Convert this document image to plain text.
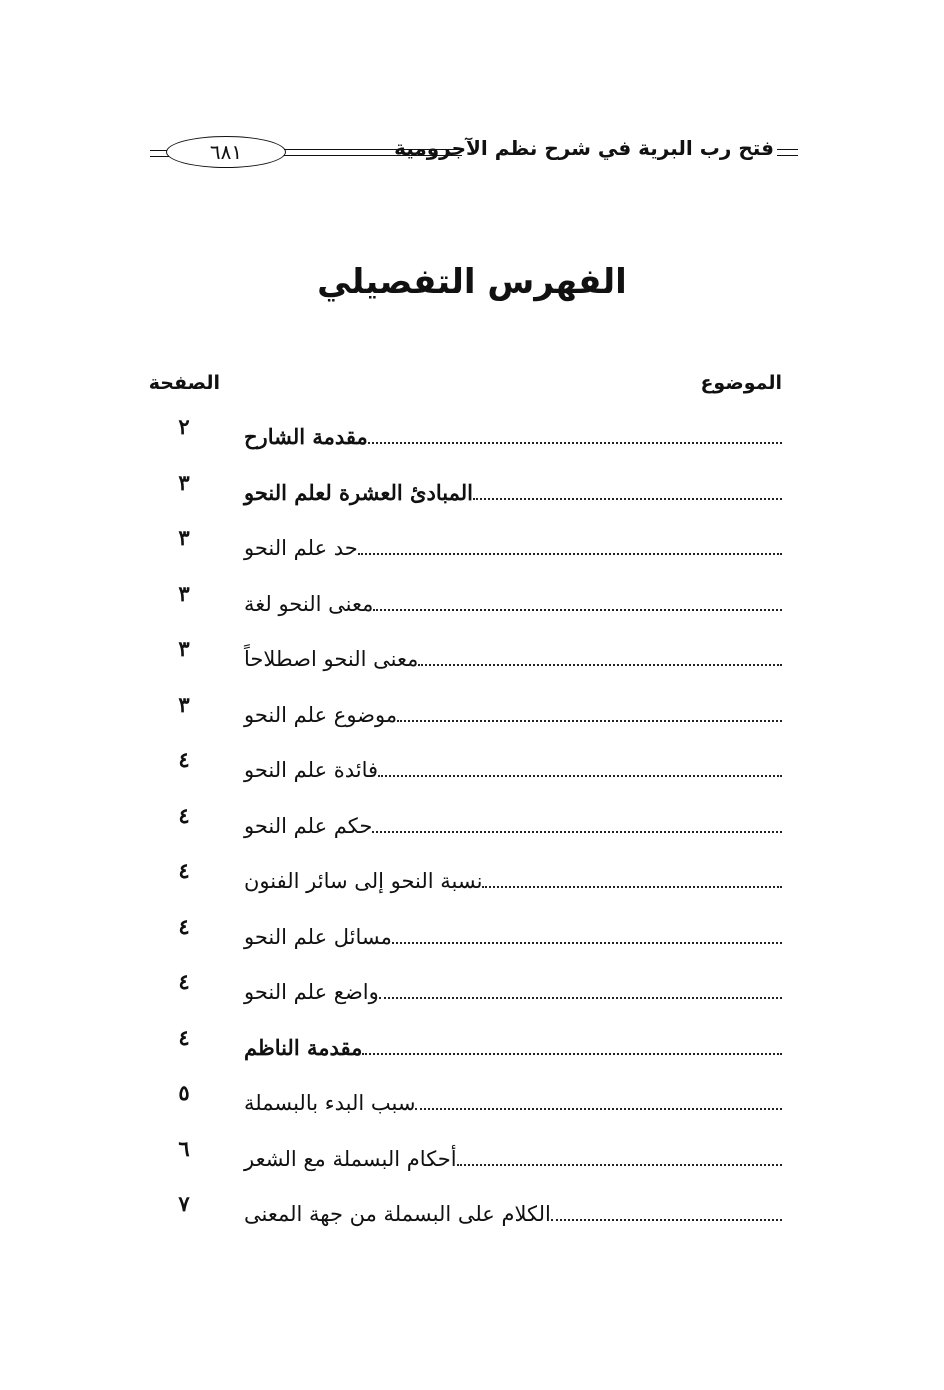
٦٨١	فتح رب البرية في شرح نظم الآجرومية
الفهرس التفصيلي
الموضوع
الصفحة
مقدمة الشارح
٢
المبادئ العشرة لعلم النحو
٣
حد علم النحو
٣
معنى النحو لغة
٣
معنى النحو اصطلاحاً
٣
موضوع علم النحو
٣
فائدة علم النحو
٤
حكم علم النحو
٤
نسبة النحو إلى سائر الفنون
٤
مسائل علم النحو
٤
واضع علم النحو
٤
مقدمة الناظم
٤
سبب البدء بالبسملة
٥
أحكام البسملة مع الشعر
٦
الكلام على البسملة من جهة المعنى
٧
